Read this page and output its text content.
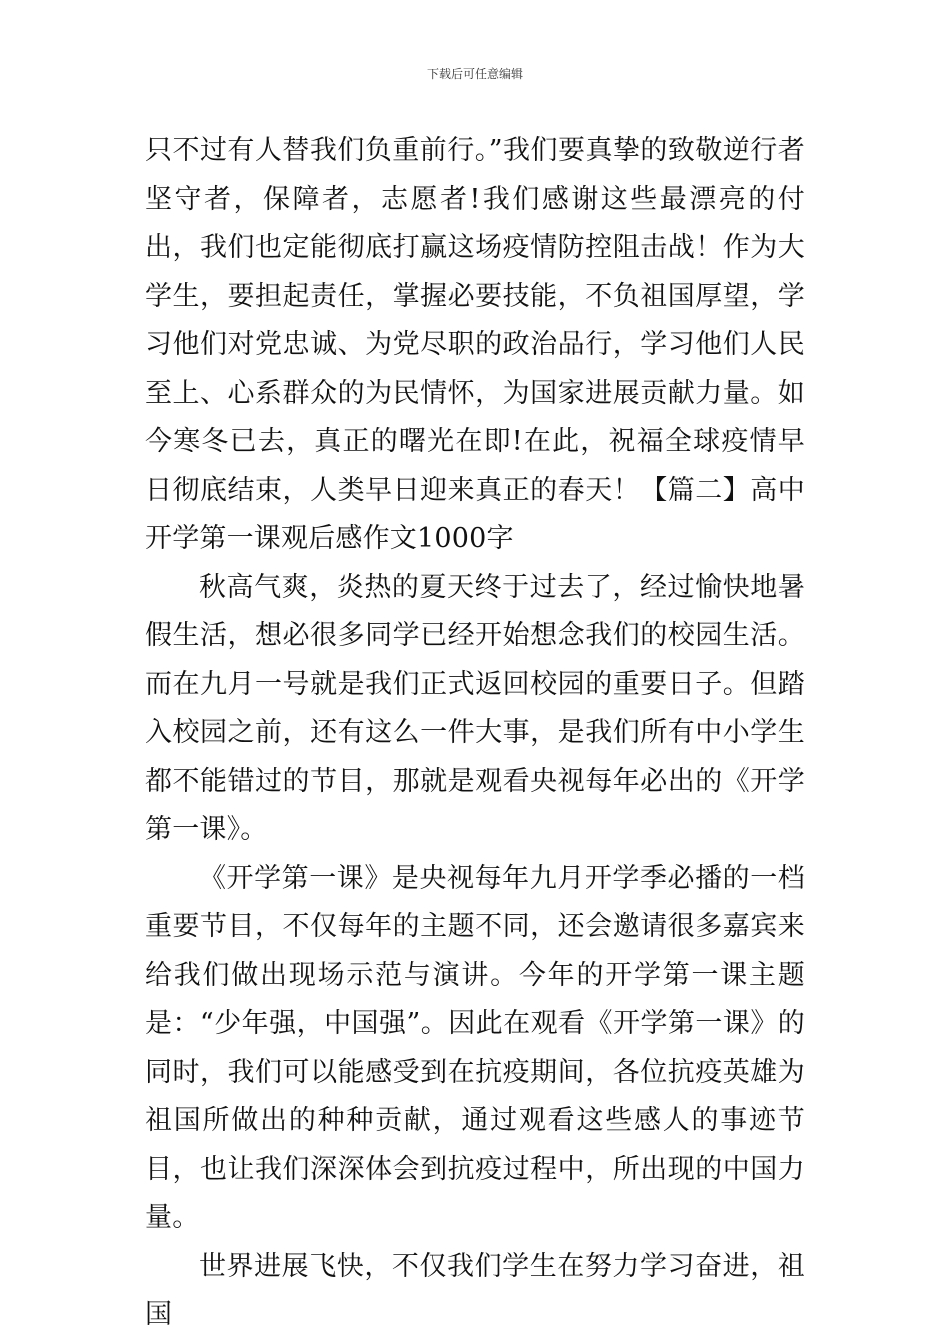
下载后可任意编辑

只不过有人替我们负重前行。”我们要真挚的致敬逆行者坚守者，保障者，志愿者!我们感谢这些最漂亮的付出，我们也定能彻底打赢这场疫情防控阻击战！作为大学生，要担起责任，掌握必要技能，不负祖国厚望，学习他们对党忠诚、为党尽职的政治品行，学习他们人民至上、心系群众的为民情怀，为国家进展贡献力量。如今寒冬已去，真正的曙光在即!在此，祝福全球疫情早日彻底结束，人类早日迎来真正的春天！【篇二】高中开学第一课观后感作文1000字

秋高气爽，炎热的夏天终于过去了，经过愉快地暑假生活，想必很多同学已经开始想念我们的校园生活。而在九月一号就是我们正式返回校园的重要日子。但踏入校园之前，还有这么一件大事，是我们所有中小学生都不能错过的节目，那就是观看央视每年必出的《开学第一课》。

《开学第一课》是央视每年九月开学季必播的一档重要节目，不仅每年的主题不同，还会邀请很多嘉宾来给我们做出现场示范与演讲。今年的开学第一课主题是：“少年强，中国强”。因此在观看《开学第一课》的同时，我们可以能感受到在抗疫期间，各位抗疫英雄为祖国所做出的种种贡献，通过观看这些感人的事迹节目，也让我们深深体会到抗疫过程中，所出现的中国力量。

世界进展飞快，不仅我们学生在努力学习奋进，祖国
